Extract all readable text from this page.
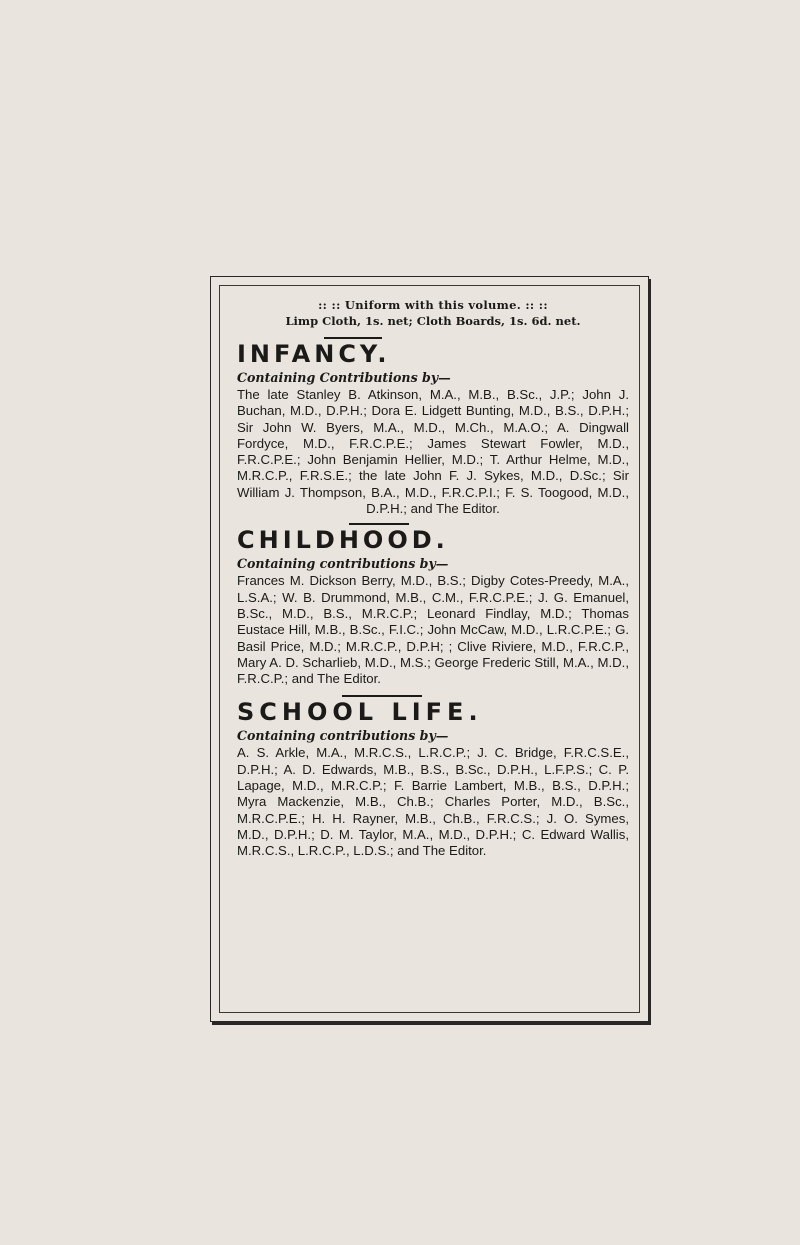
:: :: Uniform with this volume. :: ::
Limp Cloth, 1s. net; Cloth Boards, 1s. 6d. net.
INFANCY.
Containing Contributions by—

The late Stanley B. Atkinson, M.A., M.B., B.Sc., J.P.; John J. Buchan, M.D., D.P.H.; Dora E. Lidgett Bunting, M.D., B.S., D.P.H.; Sir John W. Byers, M.A., M.D., M.Ch., M.A.O.; A. Dingwall Fordyce, M.D., F.R.C.P.E.; James Stewart Fowler, M.D., F.R.C.P.E.; John Benjamin Hellier, M.D.; T. Arthur Helme, M.D., M.R.C.P., F.R.S.E.; the late John F. J. Sykes, M.D., D.Sc.; Sir William J. Thompson, B.A., M.D., F.R.C.P.I.; F. S. Toogood, M.D., D.P.H.; and The Editor.

CHILDHOOD.
Containing contributions by—

Frances M. Dickson Berry, M.D., B.S.; Digby Cotes-Preedy, M.A., L.S.A.; W. B. Drummond, M.B., C.M., F.R.C.P.E.; J. G. Emanuel, B.Sc., M.D., B.S., M.R.C.P.; Leonard Findlay, M.D.; Thomas Eustace Hill, M.B., B.Sc., F.I.C.; John McCaw, M.D., L.R.C.P.E.; G. Basil Price, M.D.; M.R.C.P., D.P.H; ; Clive Riviere, M.D., F.R.C.P., Mary A. D. Scharlieb, M.D., M.S.; George Frederic Still, M.A., M.D., F.R.C.P.; and The Editor.

SCHOOL LIFE.
Containing contributions by—

A. S. Arkle, M.A., M.R.C.S., L.R.C.P.; J. C. Bridge, F.R.C.S.E., D.P.H.; A. D. Edwards, M.B., B.S., B.Sc., D.P.H., L.F.P.S.; C. P. Lapage, M.D., M.R.C.P.; F. Barrie Lambert, M.B., B.S., D.P.H.; Myra Mackenzie, M.B., Ch.B.; Charles Porter, M.D., B.Sc., M.R.C.P.E.; H. H. Rayner, M.B., Ch.B., F.R.C.S.; J. O. Symes, M.D., D.P.H.; D. M. Taylor, M.A., M.D., D.P.H.; C. Edward Wallis, M.R.C.S., L.R.C.P., L.D.S.; and The Editor.
